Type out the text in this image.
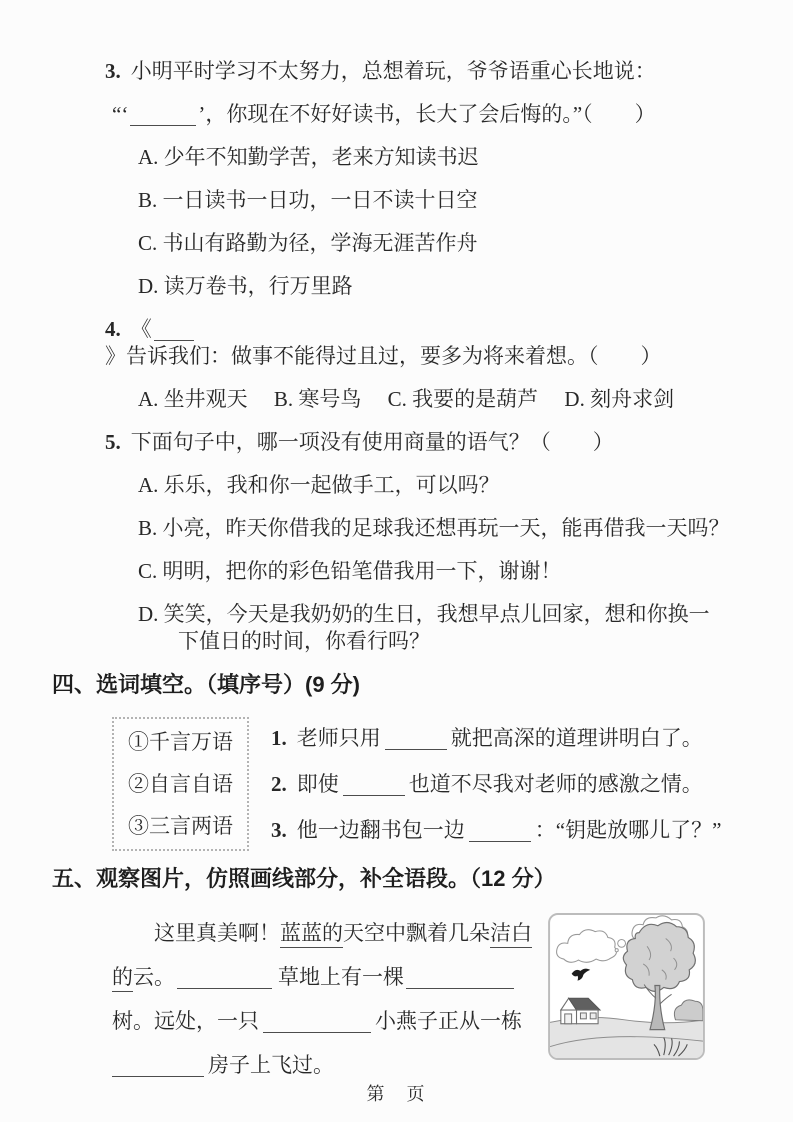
3. 小明平时学习不太努力，总想着玩，爷爷语重心长地说：
“‘	’，你现在不好好读书，长大了会后悔的。”（　　）
A. 少年不知勤学苦，老来方知读书迟
B. 一日读书一日功，一日不读十日空
C. 书山有路勤为径，学海无涯苦作舟
D. 读万卷书，行万里路
4. 《》告诉我们：做事不能得过且过，要多为将来着想。（　　）
A. 坐井观天　 B. 寒号鸟　 C. 我要的是葫芦　 D. 刻舟求剑
5. 下面句子中，哪一项没有使用商量的语气？（　　）
A. 乐乐，我和你一起做手工，可以吗？
B. 小亮，昨天你借我的足球我还想再玩一天，能再借我一天吗？
C. 明明，把你的彩色铅笔借我用一下，谢谢！
D. 笑笑，今天是我奶奶的生日，我想早点儿回家，想和你换一下值日的时间，你看行吗？
四、选词填空。（填序号）(9 分)
①千言万语
②自言自语
③三言两语
1. 老师只用	就把高深的道理讲明白了。
2. 即使	也道不尽我对老师的感激之情。
3. 他一边翻书包一边	：“钥匙放哪儿了？”
五、观察图片，仿照画线部分，补全语段。（12 分）

这里真美啊！蓝蓝的天空中飘着几朵洁白的云。	草地上有一棵树。远处，一只	小燕子正从一栋房子上飞过。

第　页
